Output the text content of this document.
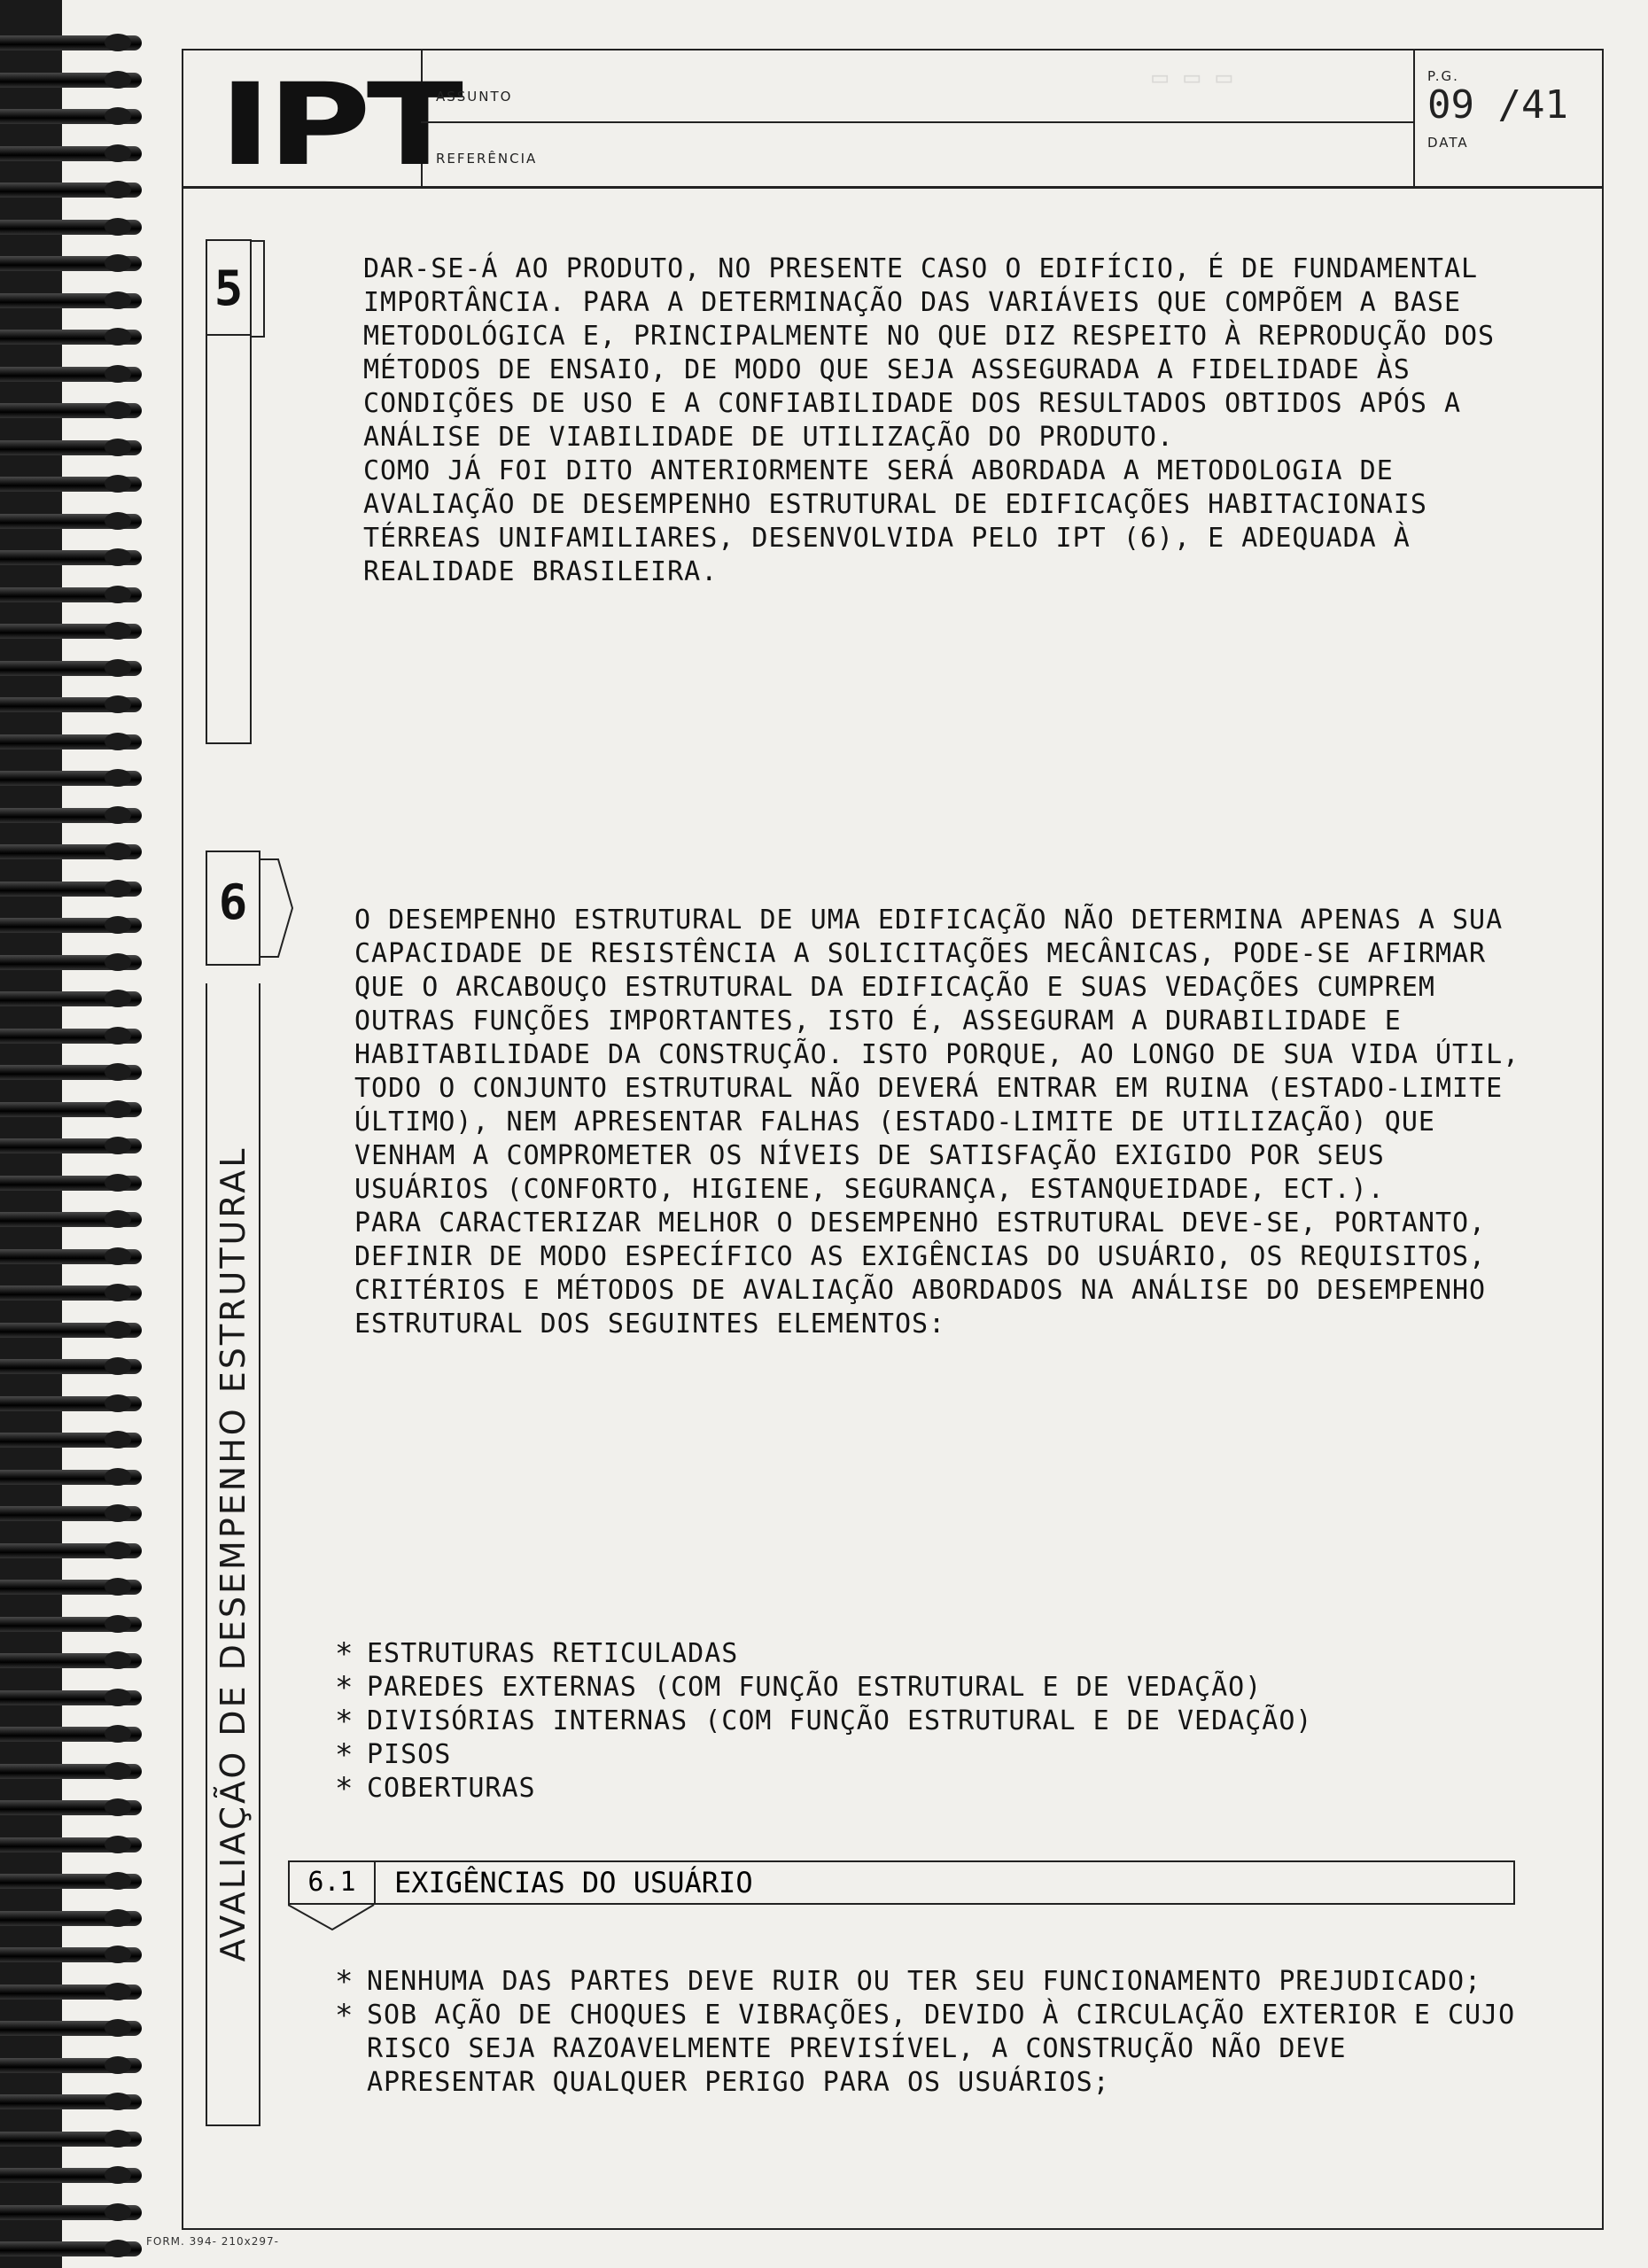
▭ ▭ ▭
IPT
ASSUNTO
REFERÊNCIA
P.G.
09 /41
DATA
5	DAR-SE-Á AO PRODUTO, NO PRESENTE CASO O EDIFÍCIO, É DE FUNDAMENTAL IMPORTÂNCIA. PARA A DETERMINAÇÃO DAS VARIÁVEIS QUE COMPÕEM A BASE METODOLÓGICA E, PRINCIPALMENTE NO QUE DIZ RESPEITO À REPRODUÇÃO DOS MÉTODOS DE ENSAIO, DE MODO QUE SEJA ASSEGURADA A FIDELIDADE ÀS CONDIÇÕES DE USO E A CONFIABILIDADE DOS RESULTADOS OBTIDOS APÓS A ANÁLISE DE VIABILIDADE DE UTILIZAÇÃO DO PRODUTO.

COMO JÁ FOI DITO ANTERIORMENTE SERÁ ABORDADA A METODOLOGIA DE AVALIAÇÃO DE DESEMPENHO ESTRUTURAL DE EDIFICAÇÕES HABITACIONAIS TÉRREAS UNIFAMILIARES, DESENVOLVIDA PELO IPT (6), E ADEQUADA À REALIDADE BRASILEIRA.

6
AVALIAÇÃO DE DESEMPENHO ESTRUTURAL

O DESEMPENHO ESTRUTURAL DE UMA EDIFICAÇÃO NÃO DETERMINA APENAS A SUA CAPACIDADE DE RESISTÊNCIA A SOLICITAÇÕES MECÂNICAS, PODE-SE AFIRMAR QUE O ARCABOUÇO ESTRUTURAL DA EDIFICAÇÃO E SUAS VEDAÇÕES CUMPREM OUTRAS FUNÇÕES IMPORTANTES, ISTO É, ASSEGURAM A DURABILIDADE E HABITABILIDADE DA CONSTRUÇÃO. ISTO PORQUE, AO LONGO DE SUA VIDA ÚTIL, TODO O CONJUNTO ESTRUTURAL NÃO DEVERÁ ENTRAR EM RUINA (ESTADO-LIMITE ÚLTIMO), NEM APRESENTAR FALHAS (ESTADO-LIMITE DE UTILIZAÇÃO) QUE VENHAM A COMPROMETER OS NÍVEIS DE SATISFAÇÃO EXIGIDO POR SEUS USUÁRIOS (CONFORTO, HIGIENE, SEGURANÇA, ESTANQUEIDADE, ECT.).

PARA CARACTERIZAR MELHOR O DESEMPENHO ESTRUTURAL DEVE-SE, PORTANTO, DEFINIR DE MODO ESPECÍFICO AS EXIGÊNCIAS DO USUÁRIO, OS REQUISITOS, CRITÉRIOS E MÉTODOS DE AVALIAÇÃO ABORDADOS NA ANÁLISE DO DESEMPENHO ESTRUTURAL DOS SEGUINTES ELEMENTOS:

* ESTRUTURAS RETICULADAS
* PAREDES EXTERNAS (COM FUNÇÃO ESTRUTURAL E DE VEDAÇÃO)
* DIVISÓRIAS INTERNAS (COM FUNÇÃO ESTRUTURAL E DE VEDAÇÃO)
* PISOS
* COBERTURAS
6.1	EXIGÊNCIAS DO USUÁRIO
* NENHUMA DAS PARTES DEVE RUIR OU TER SEU FUNCIONAMENTO PREJUDICADO;
* SOB AÇÃO DE CHOQUES E VIBRAÇÕES, DEVIDO À CIRCULAÇÃO EXTERIOR E CUJO RISCO SEJA RAZOAVELMENTE PREVISÍVEL, A CONSTRUÇÃO NÃO DEVE APRESENTAR QUALQUER PERIGO PARA OS USUÁRIOS;
FORM. 394- 210x297-
